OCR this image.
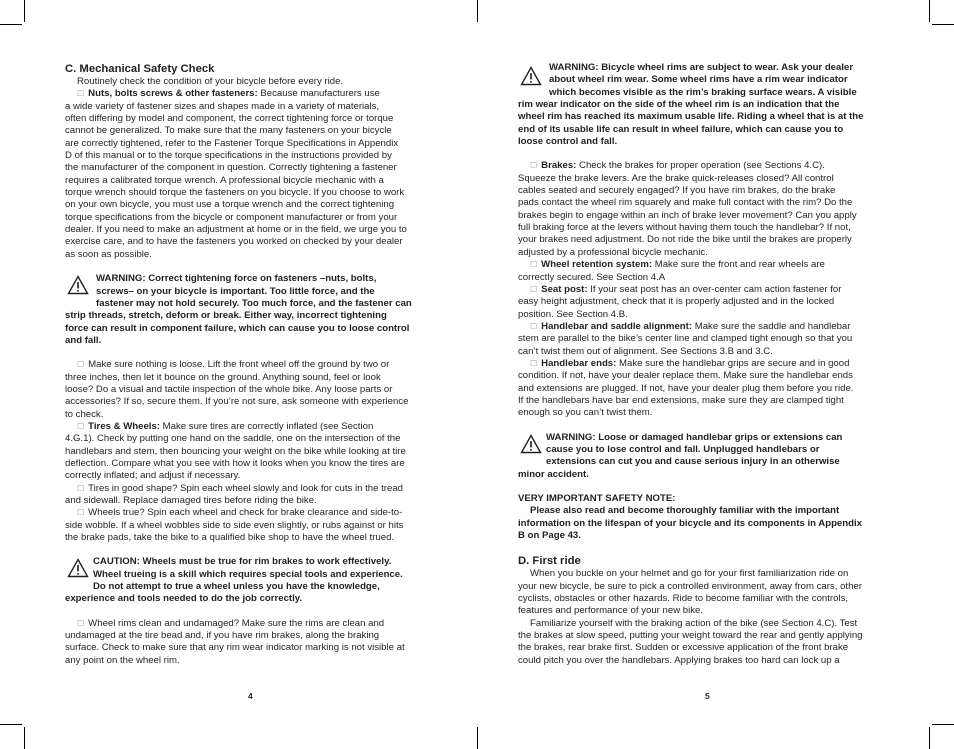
C. Mechanical Safety Check

Routinely check the condition of your bicycle before every ride.

☐ Nuts, bolts screws & other fasteners: Because manufacturers use
a wide variety of fastener sizes and shapes made in a variety of materials,
often differing by model and component, the correct tightening force or torque
cannot be generalized. To make sure that the many fasteners on your bicycle
are correctly tightened, refer to the Fastener Torque Specifications in Appendix
D of this manual or to the torque specifications in the instructions provided by
the manufacturer of the component in question. Correctly tightening a fastener
requires a calibrated torque wrench. A professional bicycle mechanic with a
torque wrench should torque the fasteners on you bicycle. If you choose to work
on your own bicycle, you must use a torque wrench and the correct tightening
torque specifications from the bicycle or component manufacturer or from your
dealer. If you need to make an adjustment at home or in the field, we urge you to
exercise care, and to have the fasteners you worked on checked by your dealer
as soon as possible.
WARNING: Correct tightening force on fasteners –nuts, bolts,
screws– on your bicycle is important. Too little force, and the
fastener may not hold securely. Too much force, and the fastener can
strip threads, stretch, deform or break. Either way, incorrect tightening
force can result in component failure, which can cause you to loose control
and fall.
☐ Make sure nothing is loose. Lift the front wheel off the ground by two or
three inches, then let it bounce on the ground. Anything sound, feel or look
loose? Do a visual and tactile inspection of the whole bike. Any loose parts or
accessories? If so, secure them. If you’re not sure, ask someone with experience
to check.
☐ Tires & Wheels: Make sure tires are correctly inflated (see Section
4.G.1). Check by putting one hand on the saddle, one on the intersection of the
handlebars and stem, then bouncing your weight on the bike while looking at tire
deflection. Compare what you see with how it looks when you know the tires are
correctly inflated; and adjust if necessary.
☐ Tires in good shape? Spin each wheel slowly and look for cuts in the tread
and sidewall. Replace damaged tires before riding the bike.
☐ Wheels true? Spin each wheel and check for brake clearance and side-to-
side wobble. If a wheel wobbles side to side even slightly, or rubs against or hits
the brake pads, take the bike to a qualified bike shop to have the wheel trued.
CAUTION: Wheels must be true for rim brakes to work effectively.
Wheel trueing is a skill which requires special tools and experience.
Do not attempt to true a wheel unless you have the knowledge,
experience and tools needed to do the job correctly.
☐ Wheel rims clean and undamaged? Make sure the rims are clean and
undamaged at the tire bead and, if you have rim brakes, along the braking
surface. Check to make sure that any rim wear indicator marking is not visible at
any point on the wheel rim.
4
WARNING: Bicycle wheel rims are subject to wear. Ask your dealer
about wheel rim wear. Some wheel rims have a rim wear indicator
which becomes visible as the rim’s braking surface wears. A visible
rim wear indicator on the side of the wheel rim is an indication that the
wheel rim has reached its maximum usable life. Riding a wheel that is at the
end of its usable life can result in wheel failure, which can cause you to
loose control and fall.
☐ Brakes: Check the brakes for proper operation (see Sections 4.C).
Squeeze the brake levers. Are the brake quick-releases closed? All control
cables seated and securely engaged? If you have rim brakes, do the brake
pads contact the wheel rim squarely and make full contact with the rim? Do the
brakes begin to engage within an inch of brake lever movement? Can you apply
full braking force at the levers without having them touch the handlebar? If not,
your brakes need adjustment. Do not ride the bike until the brakes are properly
adjusted by a professional bicycle mechanic.
☐ Wheel retention system: Make sure the front and rear wheels are
correctly secured. See Section 4.A
☐ Seat post: If your seat post has an over-center cam action fastener for
easy height adjustment, check that it is properly adjusted and in the locked
position. See Section 4.B.
☐ Handlebar and saddle alignment: Make sure the saddle and handlebar
stem are parallel to the bike’s center line and clamped tight enough so that you
can’t twist them out of alignment. See Sections 3.B and 3.C.
☐ Handlebar ends: Make sure the handlebar grips are secure and in good
condition. If not, have your dealer replace them. Make sure the handlebar ends
and extensions are plugged. If not, have your dealer plug them before you ride.
If the handlebars have bar end extensions, make sure they are clamped tight
enough so you can’t twist them.
WARNING: Loose or damaged handlebar grips or extensions can
cause you to lose control and fall. Unplugged handlebars or
extensions can cut you and cause serious injury in an otherwise
minor accident.
VERY IMPORTANT SAFETY NOTE:
Please also read and become thoroughly familiar with the important
information on the lifespan of your bicycle and its components in Appendix
B on Page 43.
D. First ride
When you buckle on your helmet and go for your first familiarization ride on
your new bicycle, be sure to pick a controlled environment, away from cars, other
cyclists, obstacles or other hazards. Ride to become familiar with the controls,
features and performance of your new bike.
Familiarize yourself with the braking action of the bike (see Section 4.C). Test
the brakes at slow speed, putting your weight toward the rear and gently applying
the brakes, rear brake first. Sudden or excessive application of the front brake
could pitch you over the handlebars. Applying brakes too hard can lock up a
5
